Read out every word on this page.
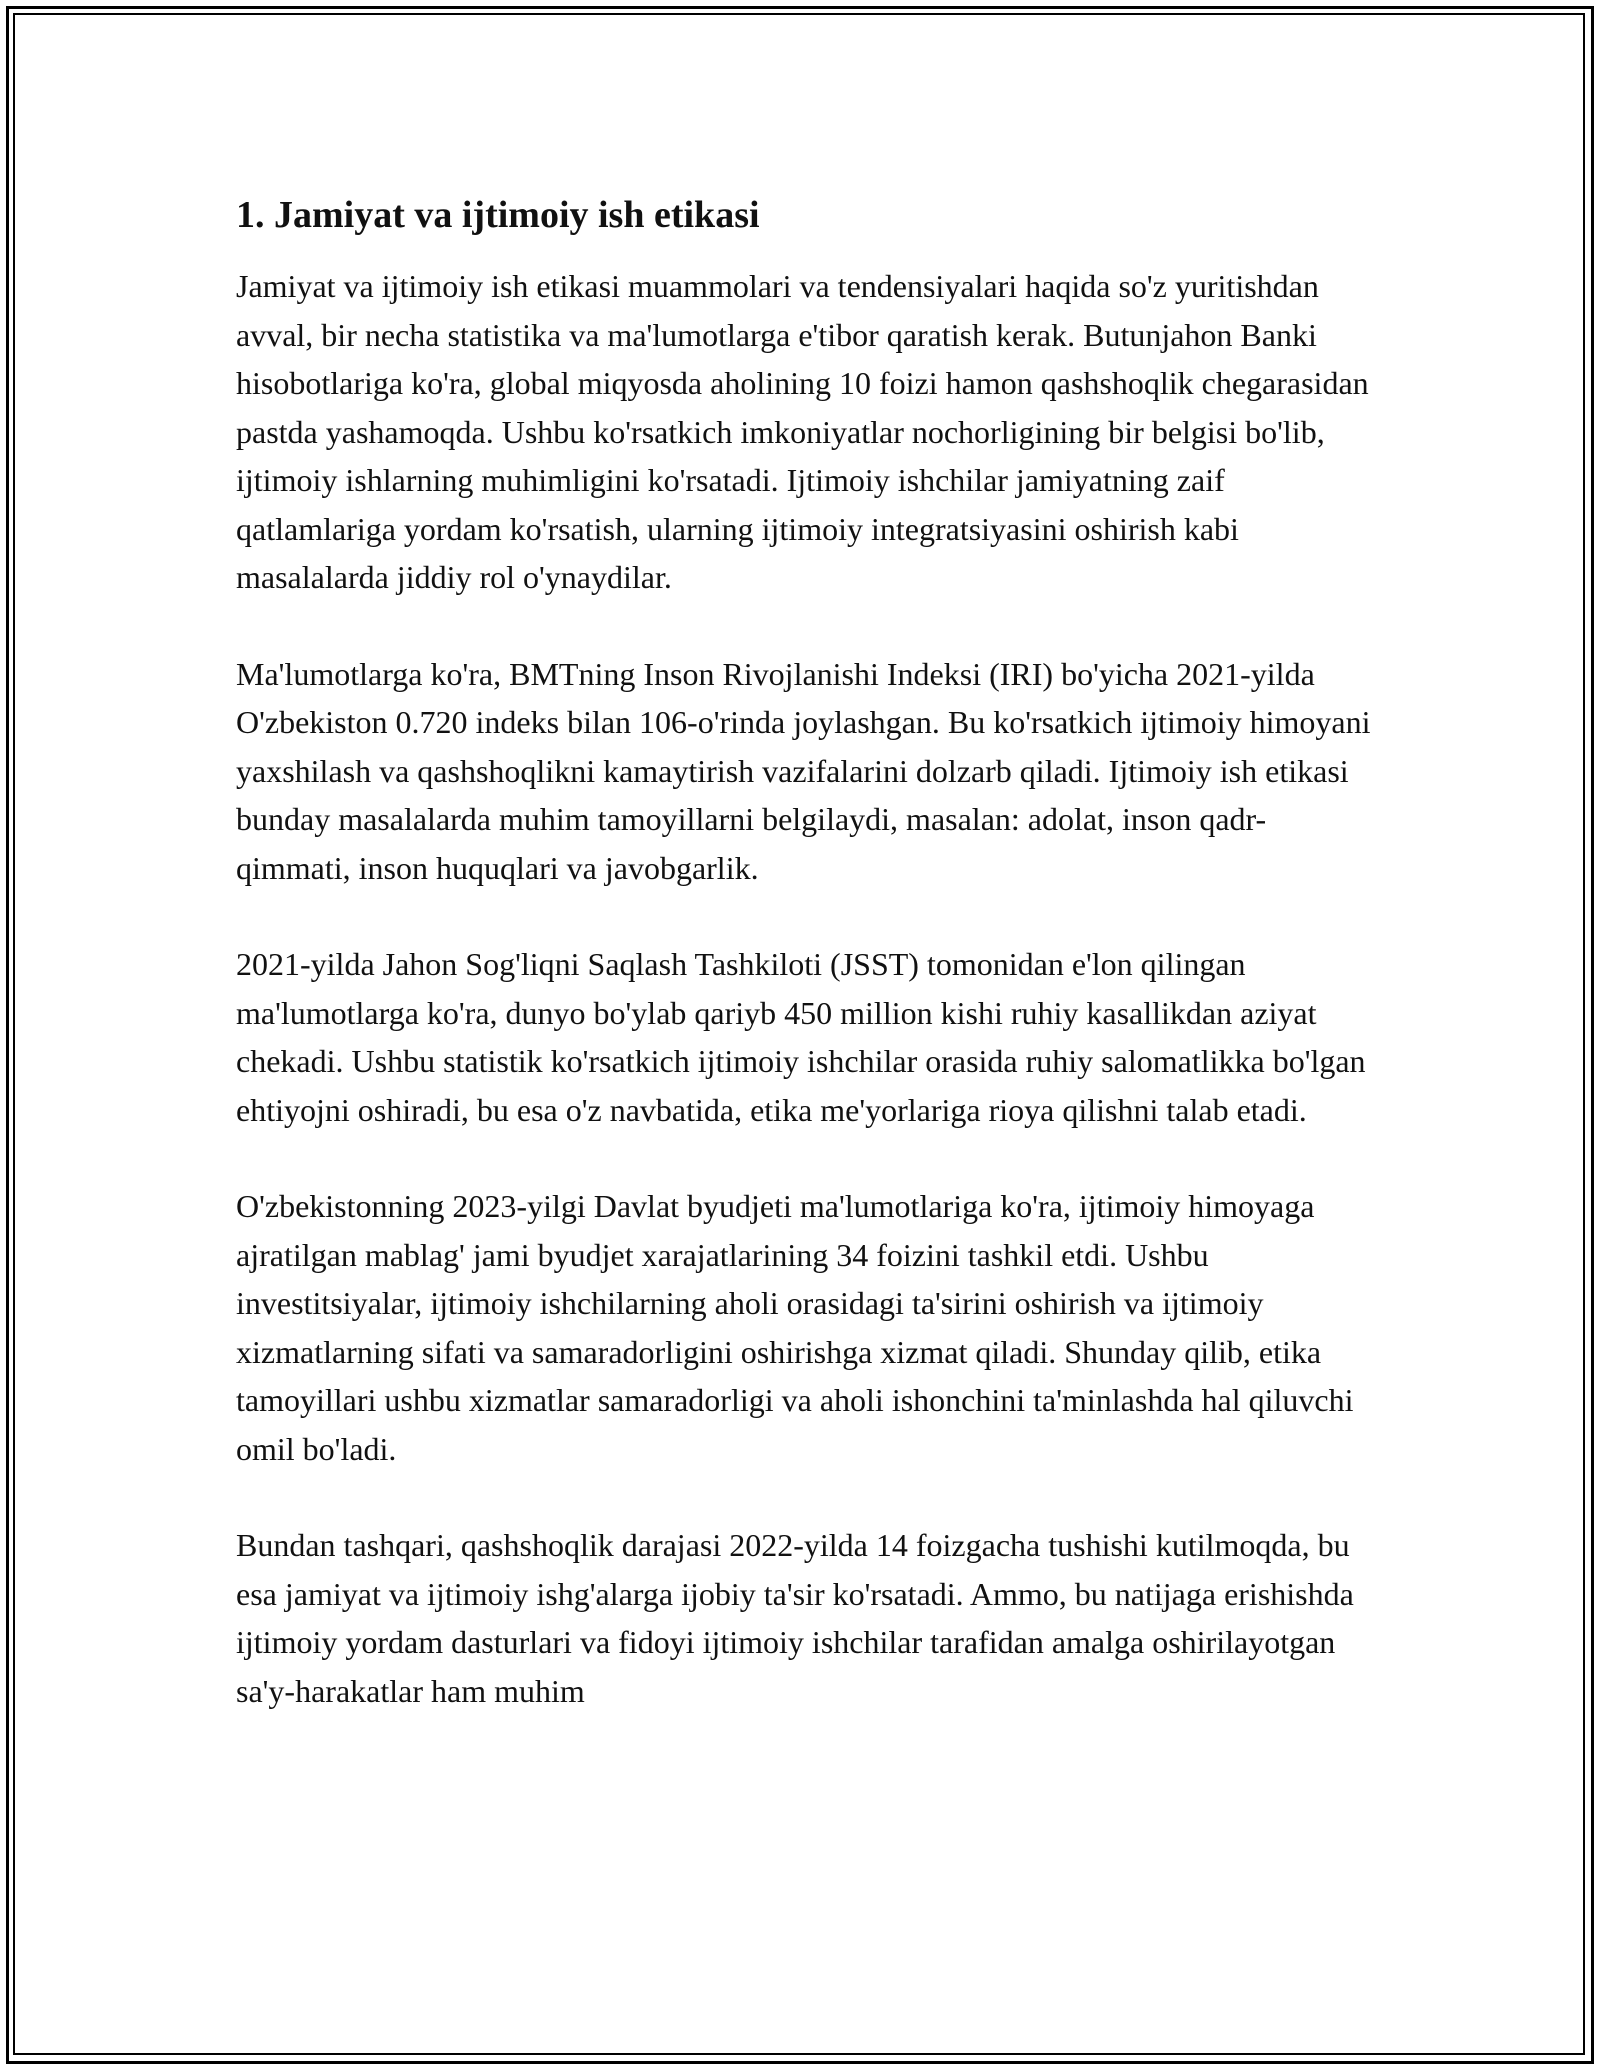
1. Jamiyat va ijtimoiy ish etikasi

Jamiyat va ijtimoiy ish etikasi muammolari va tendensiyalari haqida so'z yuritishdan avval, bir necha statistika va ma'lumotlarga e'tibor qaratish kerak. Butunjahon Banki hisobotlariga ko'ra, global miqyosda aholining 10 foizi hamon qashshoqlik chegarasidan pastda yashamoqda. Ushbu ko'rsatkich imkoniyatlar nochorligining bir belgisi bo'lib, ijtimoiy ishlarning muhimligini ko'rsatadi. Ijtimoiy ishchilar jamiyatning zaif qatlamlariga yordam ko'rsatish, ularning ijtimoiy integratsiyasini oshirish kabi masalalarda jiddiy rol o'ynaydilar.

Ma'lumotlarga ko'ra, BMTning Inson Rivojlanishi Indeksi (IRI) bo'yicha 2021-yilda O'zbekiston 0.720 indeks bilan 106-o'rinda joylashgan. Bu ko'rsatkich ijtimoiy himoyani yaxshilash va qashshoqlikni kamaytirish vazifalarini dolzarb qiladi. Ijtimoiy ish etikasi bunday masalalarda muhim tamoyillarni belgilaydi, masalan: adolat, inson qadr-qimmati, inson huquqlari va javobgarlik.

2021-yilda Jahon Sog'liqni Saqlash Tashkiloti (JSST) tomonidan e'lon qilingan ma'lumotlarga ko'ra, dunyo bo'ylab qariyb 450 million kishi ruhiy kasallikdan aziyat chekadi. Ushbu statistik ko'rsatkich ijtimoiy ishchilar orasida ruhiy salomatlikka bo'lgan ehtiyojni oshiradi, bu esa o'z navbatida, etika me'yorlariga rioya qilishni talab etadi.

O'zbekistonning 2023-yilgi Davlat byudjeti ma'lumotlariga ko'ra, ijtimoiy himoyaga ajratilgan mablag' jami byudjet xarajatlarining 34 foizini tashkil etdi. Ushbu investitsiyalar, ijtimoiy ishchilarning aholi orasidagi ta'sirini oshirish va ijtimoiy xizmatlarning sifati va samaradorligini oshirishga xizmat qiladi. Shunday qilib, etika tamoyillari ushbu xizmatlar samaradorligi va aholi ishonchini ta'minlashda hal qiluvchi omil bo'ladi.

Bundan tashqari, qashshoqlik darajasi 2022-yilda 14 foizgacha tushishi kutilmoqda, bu esa jamiyat va ijtimoiy ishg'alarga ijobiy ta'sir ko'rsatadi. Ammo, bu natijaga erishishda ijtimoiy yordam dasturlari va fidoyi ijtimoiy ishchilar tarafidan amalga oshirilayotgan sa'y-harakatlar ham muhim
